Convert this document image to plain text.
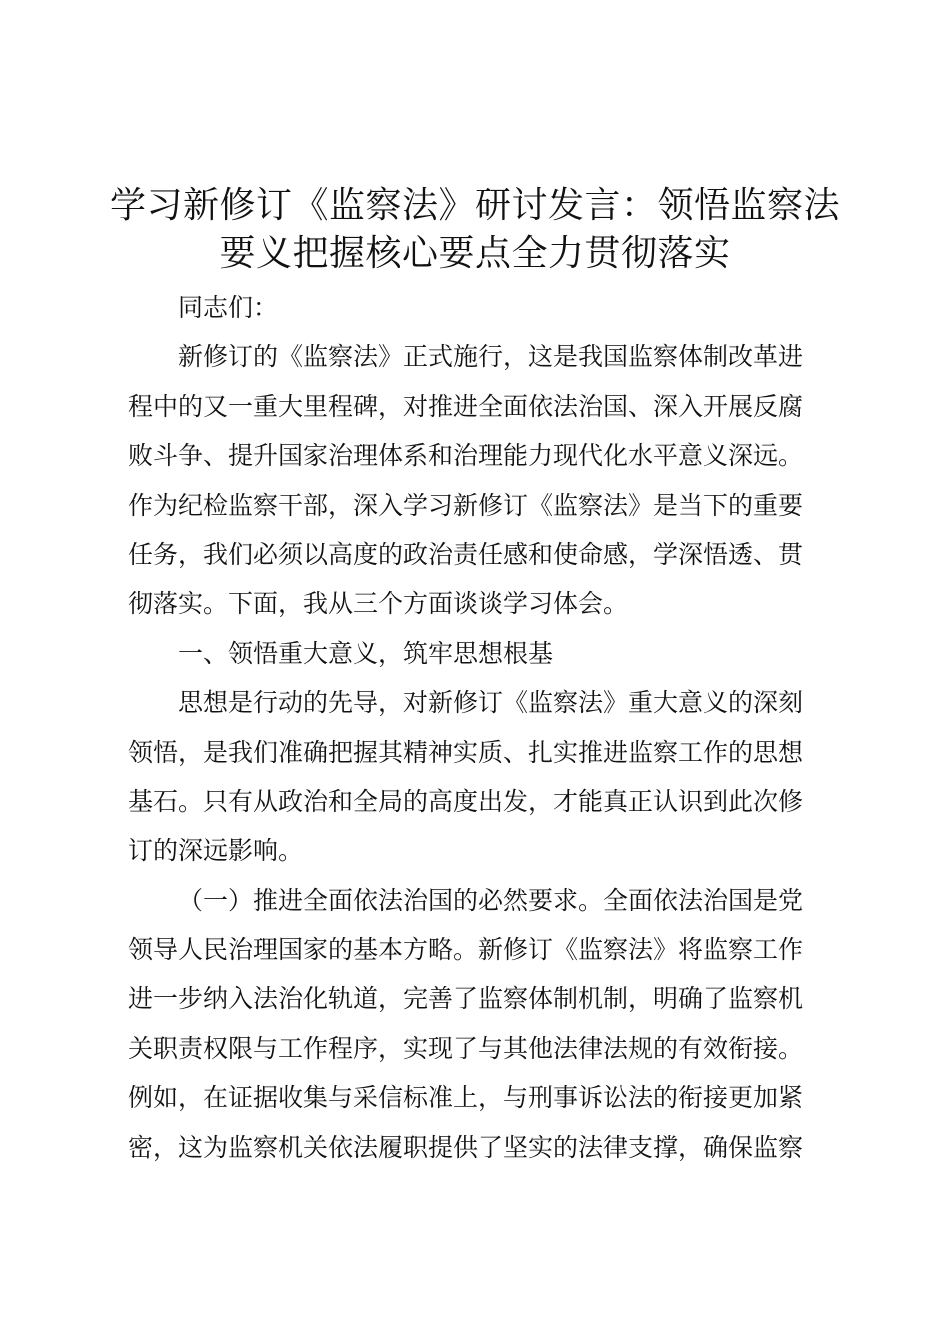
学习新修订《监察法》研讨发言：领悟监察法
要义把握核心要点全力贯彻落实
同志们：
新修订的《监察法》正式施行，这是我国监察体制改革进
程中的又一重大里程碑，对推进全面依法治国、深入开展反腐
败斗争、提升国家治理体系和治理能力现代化水平意义深远。
作为纪检监察干部，深入学习新修订《监察法》是当下的重要
任务，我们必须以高度的政治责任感和使命感，学深悟透、贯
彻落实。下面，我从三个方面谈谈学习体会。
一、领悟重大意义，筑牢思想根基
思想是行动的先导，对新修订《监察法》重大意义的深刻
领悟，是我们准确把握其精神实质、扎实推进监察工作的思想
基石。只有从政治和全局的高度出发，才能真正认识到此次修
订的深远影响。
（一）推进全面依法治国的必然要求。全面依法治国是党
领导人民治理国家的基本方略。新修订《监察法》将监察工作
进一步纳入法治化轨道，完善了监察体制机制，明确了监察机
关职责权限与工作程序，实现了与其他法律法规的有效衔接。
例如，在证据收集与采信标准上，与刑事诉讼法的衔接更加紧
密，这为监察机关依法履职提供了坚实的法律支撑，确保监察
